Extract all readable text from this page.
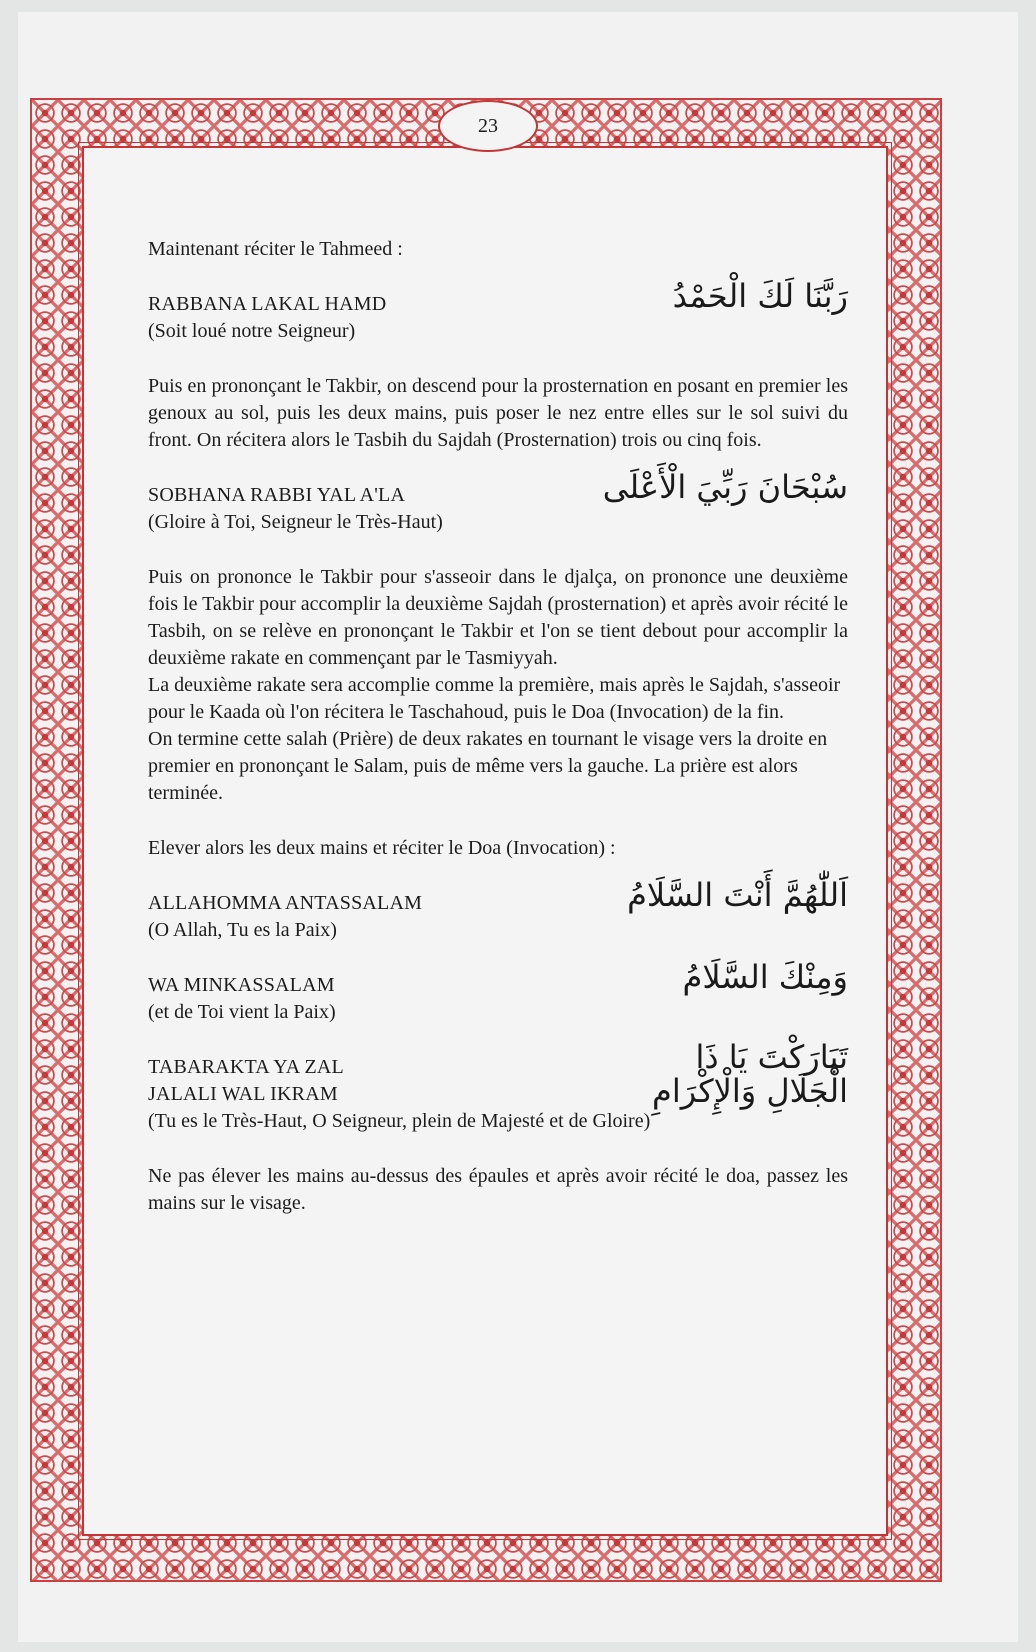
23

Maintenant réciter le Tahmeed :

RABBANA LAKAL HAMD

(Soit loué notre Seigneur)

رَبَّنَا لَكَ الْحَمْدُ

Puis en prononçant le Takbir, on descend pour la prosternation en posant en premier les genoux au sol, puis les deux mains, puis poser le nez entre elles sur le sol suivi du front. On récitera alors le Tasbih du Sajdah (Prosternation) trois ou cinq fois.

SOBHANA RABBI YAL A'LA

(Gloire à Toi, Seigneur le Très-Haut)

سُبْحَانَ رَبِّيَ الْأَعْلَى

Puis on prononce le Takbir pour s'asseoir dans le djalça, on prononce une deuxième fois le Takbir pour accomplir la deuxième Sajdah (prosternation) et après avoir récité le Tasbih, on se relève en prononçant le Takbir et l'on se tient debout pour accomplir la deuxième rakate en commençant par le Tasmiyyah.

La deuxième rakate sera accomplie comme la première, mais après le Sajdah, s'asseoir pour le Kaada où l'on récitera le Taschahoud, puis le Doa (Invocation) de la fin.

On termine cette salah (Prière) de deux rakates en tournant le visage vers la droite en premier en prononçant le Salam, puis de même vers la gauche. La prière est alors terminée.

Elever alors les deux mains et réciter le Doa (Invocation) :

ALLAHOMMA ANTASSALAM

(O Allah, Tu es la Paix)

اَللّٰهُمَّ أَنْتَ السَّلَامُ

WA MINKASSALAM

(et de Toi vient la Paix)

وَمِنْكَ السَّلَامُ

TABARAKTA YA ZAL

JALALI WAL IKRAM

(Tu es le Très-Haut, O Seigneur, plein de Majesté et de Gloire)

تَبَارَكْتَ يَا ذَا
الْجَلَالِ وَالْإِكْرَامِ

Ne pas élever les mains au-dessus des épaules et après avoir récité le doa, passez les mains sur le visage.
